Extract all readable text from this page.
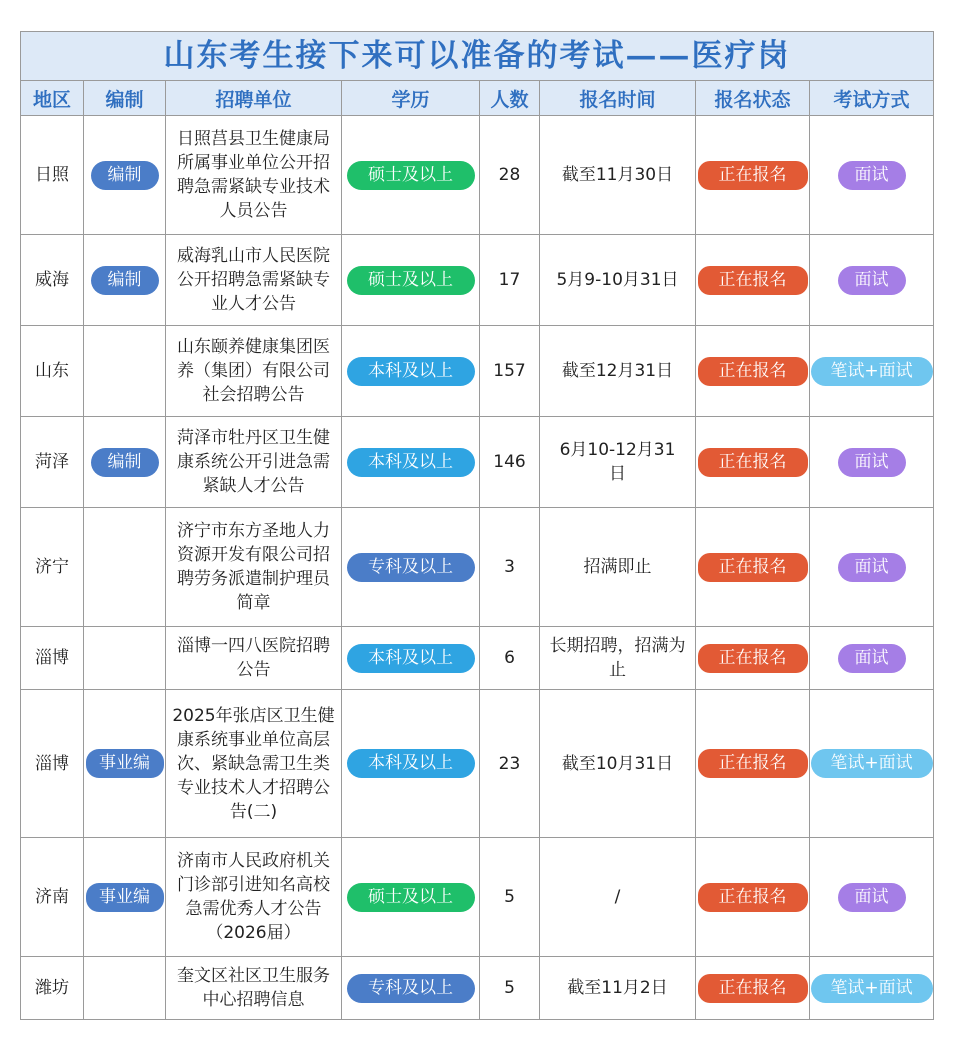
山东考生接下来可以准备的考试——医疗岗							
地区	编制	招聘单位	学历	人数	报名时间	报名状态	考试方式
日照	编制	日照莒县卫生健康局所属事业单位公开招聘急需紧缺专业技术人员公告	硕士及以上	28	截至11月30日	正在报名	面试
威海	编制	威海乳山市人民医院公开招聘急需紧缺专业人才公告	硕士及以上	17	5月9-10月31日	正在报名	面试
山东		山东颐养健康集团医养（集团）有限公司社会招聘公告	本科及以上	157	截至12月31日	正在报名	笔试+面试
菏泽	编制	菏泽市牡丹区卫生健康系统公开引进急需紧缺人才公告	本科及以上	146	6月10-12月31日	正在报名	面试
济宁		济宁市东方圣地人力资源开发有限公司招聘劳务派遣制护理员简章	专科及以上	3	招满即止	正在报名	面试
淄博		淄博一四八医院招聘公告	本科及以上	6	长期招聘，招满为止	正在报名	面试
淄博	事业编	2025年张店区卫生健康系统事业单位高层次、紧缺急需卫生类专业技术人才招聘公告(二)	本科及以上	23	截至10月31日	正在报名	笔试+面试
济南	事业编	济南市人民政府机关门诊部引进知名高校急需优秀人才公告（2026届）	硕士及以上	5	/	正在报名	面试
潍坊		奎文区社区卫生服务中心招聘信息	专科及以上	5	截至11月2日	正在报名	笔试+面试
